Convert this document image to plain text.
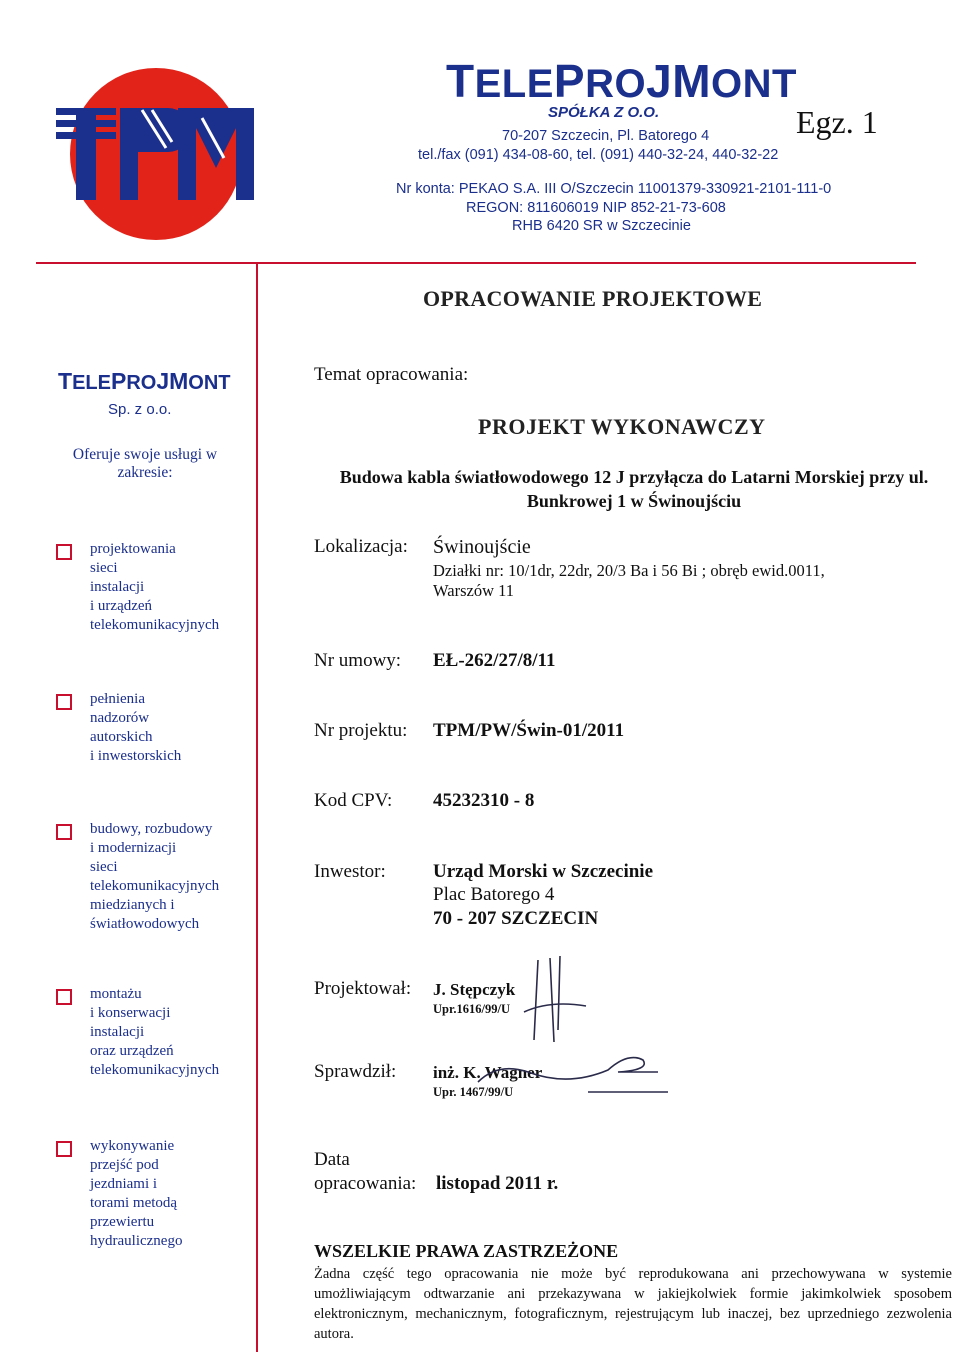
TELEPROJMONT
SPÓŁKA Z O.O.	Egz. 1
70-207 Szczecin, Pl. Batorego 4
tel./fax (091) 434-08-60, tel. (091) 440-32-24, 440-32-22
Nr konta: PEKAO S.A. III O/Szczecin 11001379-330921-2101-111-0
REGON: 811606019 NIP 852-21-73-608
RHB 6420 SR w Szczecinie
OPRACOWANIE PROJEKTOWE
TELEPROJMONT
Sp. z o.o.
Oferuje swoje usługi w zakresie:
projektowania
sieci
instalacji
i urządzeń
telekomunikacyjnych
pełnienia
nadzorów
autorskich
i inwestorskich
budowy, rozbudowy
i modernizacji
sieci
telekomunikacyjnych
miedzianych i
światłowodowych
montażu
i konserwacji
instalacji
oraz urządzeń
telekomunikacyjnych
wykonywanie
przejść pod
jezdniami i
torami metodą
przewiertu
hydraulicznego
Temat opracowania:
PROJEKT WYKONAWCZY
Budowa kabla światłowodowego 12 J przyłącza do Latarni Morskiej przy ul. Bunkrowej 1 w Świnoujściu
Lokalizacja: Świnoujście
Działki nr: 10/1dr, 22dr, 20/3 Ba i 56 Bi ; obręb ewid.0011,
Warszów 11
Nr umowy: EŁ-262/27/8/11
Nr projektu: TPM/PW/Świn-01/2011
Kod CPV: 45232310 - 8
Inwestor: Urząd Morski w Szczecinie
Plac Batorego 4
70 - 207 SZCZECIN
Projektował: J. Stępczyk
Upr.1616/99/U
Sprawdził: inż. K. Wagner
Upr. 1467/99/U
Data
opracowania: listopad 2011 r.
WSZELKIE PRAWA ZASTRZEŻONE
Żadna część tego opracowania nie może być reprodukowana ani przechowywana w systemie umożliwiającym odtwarzanie ani przekazywana w jakiejkolwiek formie jakimkolwiek sposobem elektronicznym, mechanicznym, fotograficznym, rejestrującym lub inaczej, bez uprzedniego zezwolenia autora.
